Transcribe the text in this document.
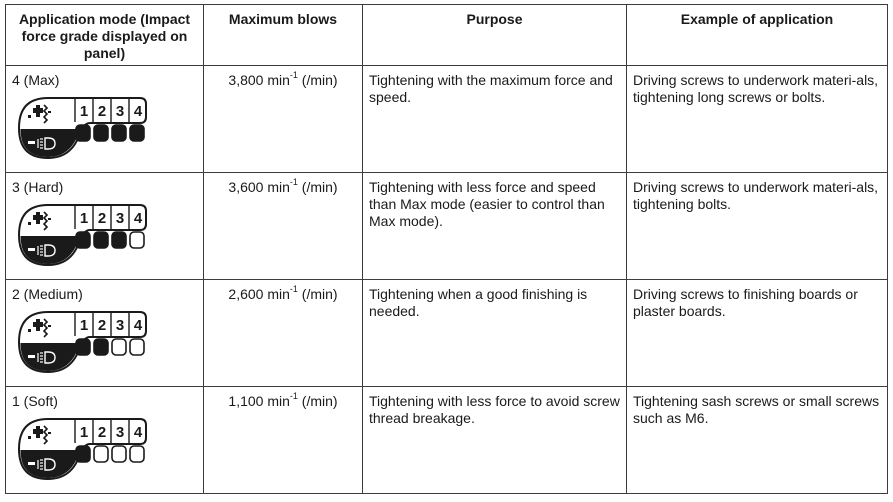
Application mode (Impact force grade displayed on panel)	Maximum blows	Purpose	Example of application

4 (Max)
1 2 3 4	3,800 $\min^{-1} (/\min)$	Tightening with the maximum force and speed.	Driving screws to underwork materi-als, tightening long screws or bolts.

3 (Hard)
1 2 3 4	3,600 $\min^{-1} (/\min)$	Tightening with less force and speed than Max mode (easier to control than Max mode).	Driving screws to underwork materi-als, tightening bolts.

2 (Medium)
1 2 3 4	2,600 $\min^{-1} (/\min)$	Tightening when a good finishing is needed.	Driving screws to finishing boards or plaster boards.

1 (Soft)
1 2 3 4	1,100 $\min^{-1} (/\min)$	Tightening with less force to avoid screw thread breakage.	Tightening sash screws or small screws such as M6.
